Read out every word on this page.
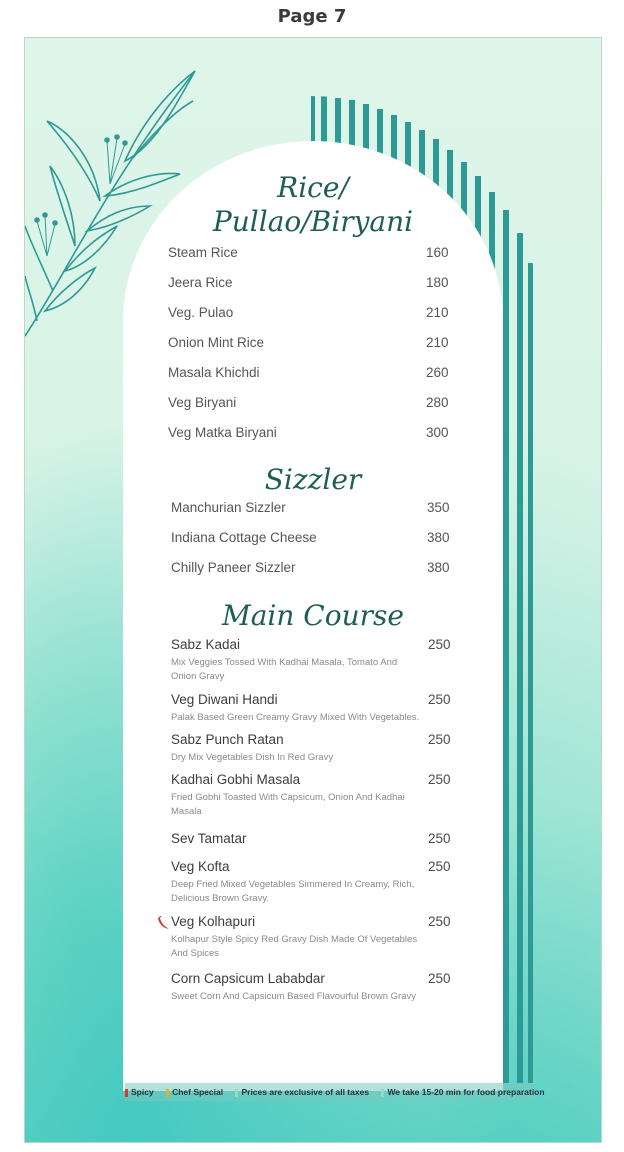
Page 7
Rice/
Pullao/Biryani
Steam Rice	160
Jeera Rice	180
Veg. Pulao	210
Onion Mint Rice	210
Masala Khichdi	260
Veg Biryani	280
Veg Matka Biryani	300
Sizzler
Manchurian Sizzler	350
Indiana Cottage Cheese	380
Chilly Paneer Sizzler	380
Main Course
Sabz Kadai	250
Mix Veggies Tossed With Kadhai Masala, Tomato And Onion Gravy
Veg Diwani Handi	250
Palak Based Green Creamy Gravy Mixed With Vegetables.
Sabz Punch Ratan	250
Dry Mix Vegetables Dish In Red Gravy
Kadhai Gobhi Masala	250
Fried Gobhi Toasted With Capsicum, Onion And Kadhai Masala
Sev Tamatar	250
Veg Kofta	250
Deep Fried Mixed Vegetables Simmered In Creamy, Rich, Delicious Brown Gravy.
Veg Kolhapuri	250
Kolhapur Style Spicy Red Gravy Dish Made Of Vegetables And Spices
Corn Capsicum Lababdar	250
Sweet Corn And Capsicum Based Flavourful Brown Gravy
Spicy Chef Special Prices are exclusive of all taxes We take 15-20 min for food preparation
